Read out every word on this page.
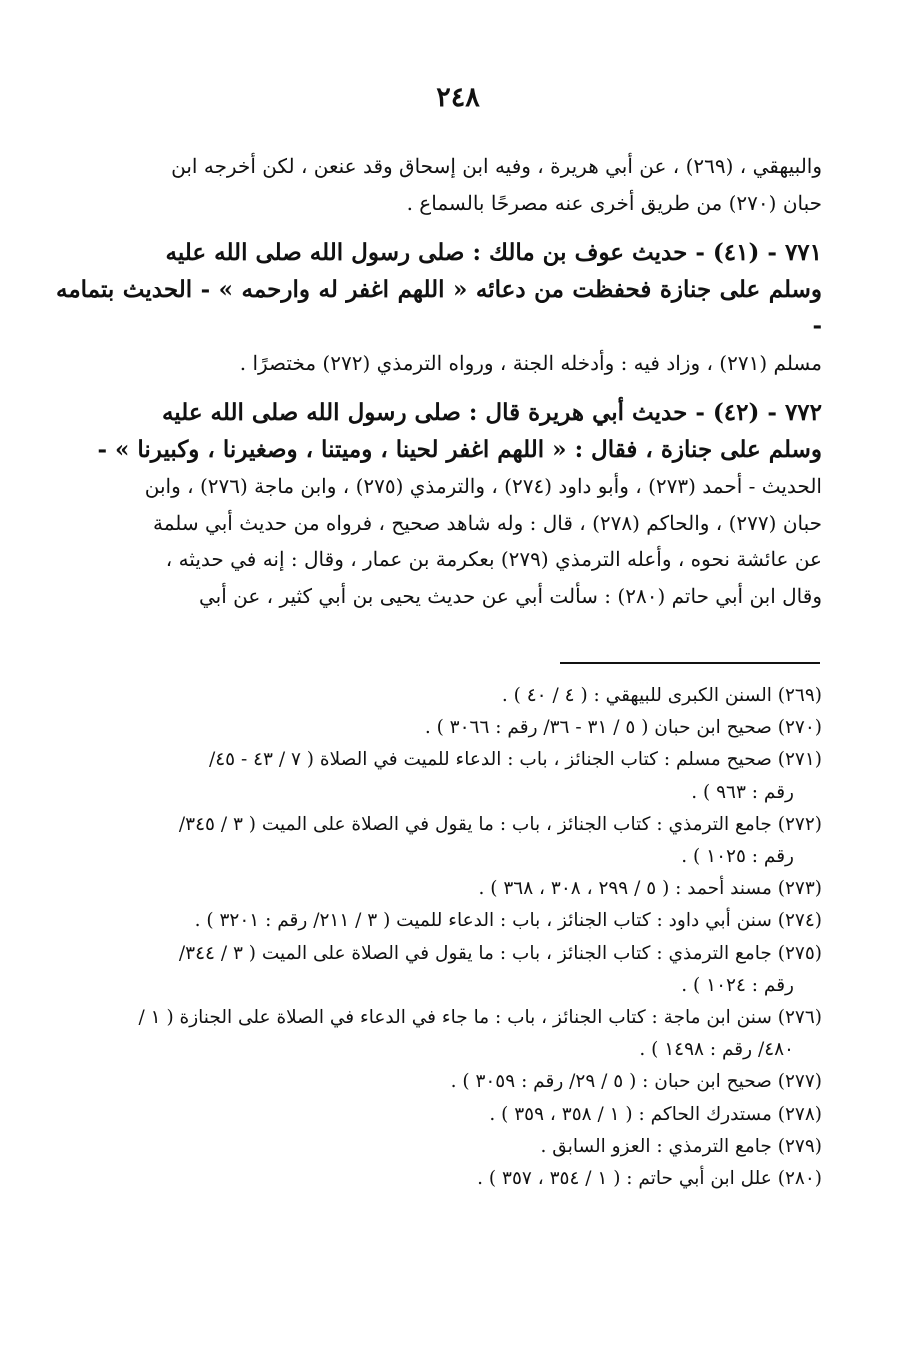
٢٤٨

والبيهقي ، (٢٦٩) ، عن أبي هريرة ، وفيه ابن إسحاق وقد عنعن ، لكن أخرجه ابن
حبان (٢٧٠) من طريق أخرى عنه مصرحًا بالسماع .

٧٧١ - (٤١) - حديث عوف بن مالك : صلى رسول الله صلى الله عليه
وسلم على جنازة فحفظت من دعائه « اللهم اغفر له وارحمه » - الحديث بتمامه -
مسلم (٢٧١) ، وزاد فيه : وأدخله الجنة ، ورواه الترمذي (٢٧٢) مختصرًا .

٧٧٢ - (٤٢) - حديث أبي هريرة قال : صلى رسول الله صلى الله عليه
وسلم على جنازة ، فقال : « اللهم اغفر لحينا ، وميتنا ، وصغيرنا ، وكبيرنا » -
الحديث - أحمد (٢٧٣) ، وأبو داود (٢٧٤) ، والترمذي (٢٧٥) ، وابن ماجة (٢٧٦) ، وابن
حبان (٢٧٧) ، والحاكم (٢٧٨) ، قال : وله شاهد صحيح ، فرواه من حديث أبي سلمة
عن عائشة نحوه ، وأعله الترمذي (٢٧٩) بعكرمة بن عمار ، وقال : إنه في حديثه ،
وقال ابن أبي حاتم (٢٨٠) : سألت أبي عن حديث يحيى بن أبي كثير ، عن أبي

(٢٦٩) السنن الكبرى للبيهقي : ( ٤ / ٤٠ ) .

(٢٧٠) صحيح ابن حبان ( ٥ / ٣١ - ٣٦/ رقم : ٣٠٦٦ ) .

(٢٧١) صحيح مسلم : كتاب الجنائز ، باب : الدعاء للميت في الصلاة ( ٧ / ٤٣ - ٤٥/

رقم : ٩٦٣ ) .

(٢٧٢) جامع الترمذي : كتاب الجنائز ، باب : ما يقول في الصلاة على الميت ( ٣ / ٣٤٥/

رقم : ١٠٢٥ ) .

(٢٧٣) مسند أحمد : ( ٥ / ٢٩٩ ، ٣٠٨ ، ٣٦٨ ) .

(٢٧٤) سنن أبي داود : كتاب الجنائز ، باب : الدعاء للميت ( ٣ / ٢١١/ رقم : ٣٢٠١ ) .

(٢٧٥) جامع الترمذي : كتاب الجنائز ، باب : ما يقول في الصلاة على الميت ( ٣ / ٣٤٤/

رقم : ١٠٢٤ ) .

(٢٧٦) سنن ابن ماجة : كتاب الجنائز ، باب : ما جاء في الدعاء في الصلاة على الجنازة ( ١ /

٤٨٠/ رقم : ١٤٩٨ ) .

(٢٧٧) صحيح ابن حبان : ( ٥ / ٢٩/ رقم : ٣٠٥٩ ) .

(٢٧٨) مستدرك الحاكم : ( ١ / ٣٥٨ ، ٣٥٩ ) .

(٢٧٩) جامع الترمذي : العزو السابق .

(٢٨٠) علل ابن أبي حاتم : ( ١ / ٣٥٤ ، ٣٥٧ ) .
